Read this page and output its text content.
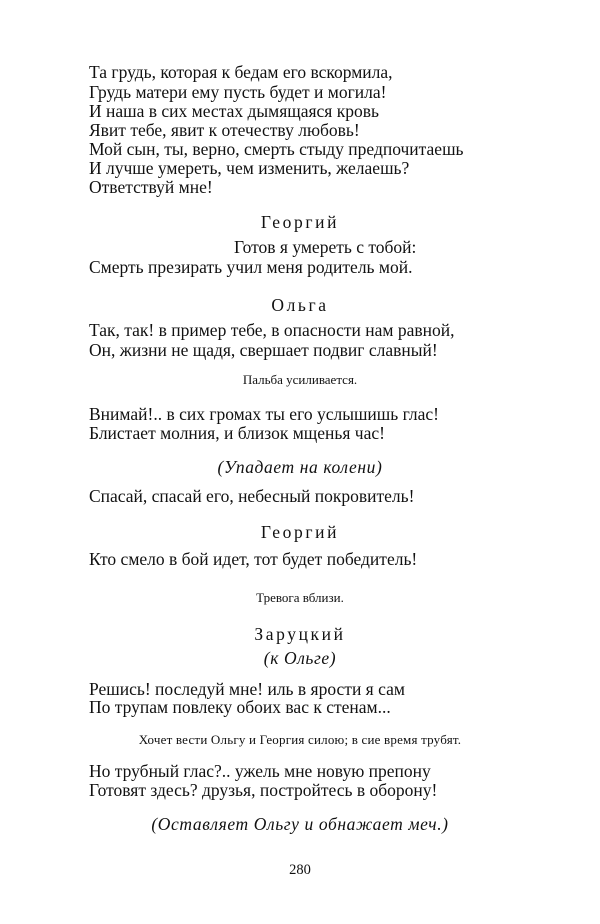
Та грудь, которая к бедам его вскормила,
Грудь матери ему пусть будет и могила!
И наша в сих местах дымящаяся кровь
Явит тебе, явит к отечеству любовь!
Мой сын, ты, верно, смерть стыду предпочитаешь
И лучше умереть, чем изменить, желаешь?
Ответствуй мне!
Георгий
Готов я умереть с тобой:
Смерть презирать учил меня родитель мой.
Ольга
Так, так! в пример тебе, в опасности нам равной,
Он, жизни не щадя, свершает подвиг славный!
Пальба усиливается.
Внимай!.. в сих громах ты его услышишь глас!
Блистает молния, и близок мщенья час!
(Упадает на колени)
Спасай, спасай его, небесный покровитель!
Георгий
Кто смело в бой идет, тот будет победитель!
Тревога вблизи.
Заруцкий
(к Ольге)
Решись! последуй мне! иль в ярости я сам
По трупам повлеку обоих вас к стенам...
Хочет вести Ольгу и Георгия силою; в сие время трубят.
Но трубный глас?.. ужель мне новую препону
Готовят здесь? друзья, постройтесь в оборону!
(Оставляет Ольгу и обнажает меч.)
280
